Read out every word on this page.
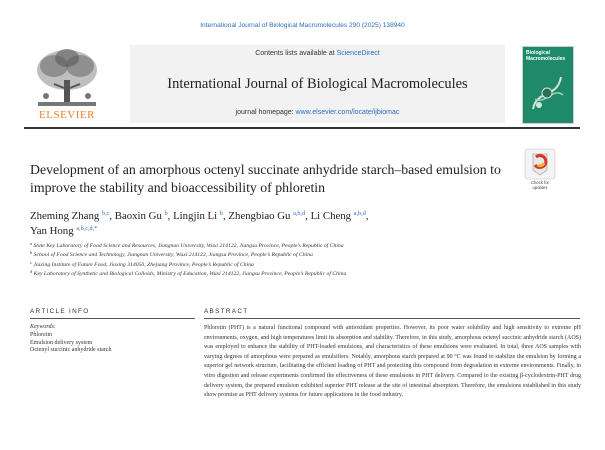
International Journal of Biological Macromolecules 290 (2025) 138940
ELSEVIER
Contents lists available at ScienceDirect
International Journal of Biological Macromolecules
journal homepage: www.elsevier.com/locate/ijbiomac
Biological
Macromolecules
Development of an amorphous octenyl succinate anhydride starch–based emulsion to improve the stability and bioaccessibility of phloretin	Check for
updates
Zheming Zhang $^{b,c}$, Baoxin Gu $^b$, Lingjin Li $^b$, Zhengbiao Gu $^{a,b,d}$, Li Cheng $^{a,b,d}$,
Yan Hong $^{a,b,c,d,*}$
$^a$ State Key Laboratory of Food Science and Resources, Jiangnan University, Wuxi 214122, Jiangsu Province, People’s Republic of China
$^b$ School of Food Science and Technology, Jiangnan University, Wuxi 214122, Jiangsu Province, People’s Republic of China
$^c$ Jiaxing Institute of Future Food, Jiaxing 314050, Zhejiang Province, People’s Republic of China
$^d$ Key Laboratory of Synthetic and Biological Colloids, Ministry of Education, Wuxi 214122, Jiangsu Province, People’s Republic of China
ARTICLE INFO	ABSTRACT
Keywords:
Phloretin
Emulsion delivery system
Octenyl succinic anhydride starch
Phloretin (PHT) is a natural functional compound with antioxidant properties. However, its poor water solubility and high sensitivity to extreme pH environments, oxygen, and high temperatures limit its absorption and stability. Therefore, in this study, amorphous octenyl succinic anhydride starch (AOS) was employed to enhance the stability of PHT-loaded emulsions, and characteristics of these emulsions were evaluated. In total, three AOS samples with varying degrees of amorphous were prepared as emulsifiers. Notably, amorphous starch prepared at 90 °C was found to stabilize the emulsion by forming a superior gel network structure, facilitating the efficient loading of PHT and protecting this compound from degradation in extreme environments. Finally, in vitro digestion and release experiments confirmed the effectiveness of these emulsions in PHT delivery. Compared to the existing β-cyclodextrin-PHT drug delivery system, the prepared emulsion exhibited superior PHT release at the site of intestinal absorption. Therefore, the emulsions established in this study show promise as PHT delivery systems for future applications in the food industry.
